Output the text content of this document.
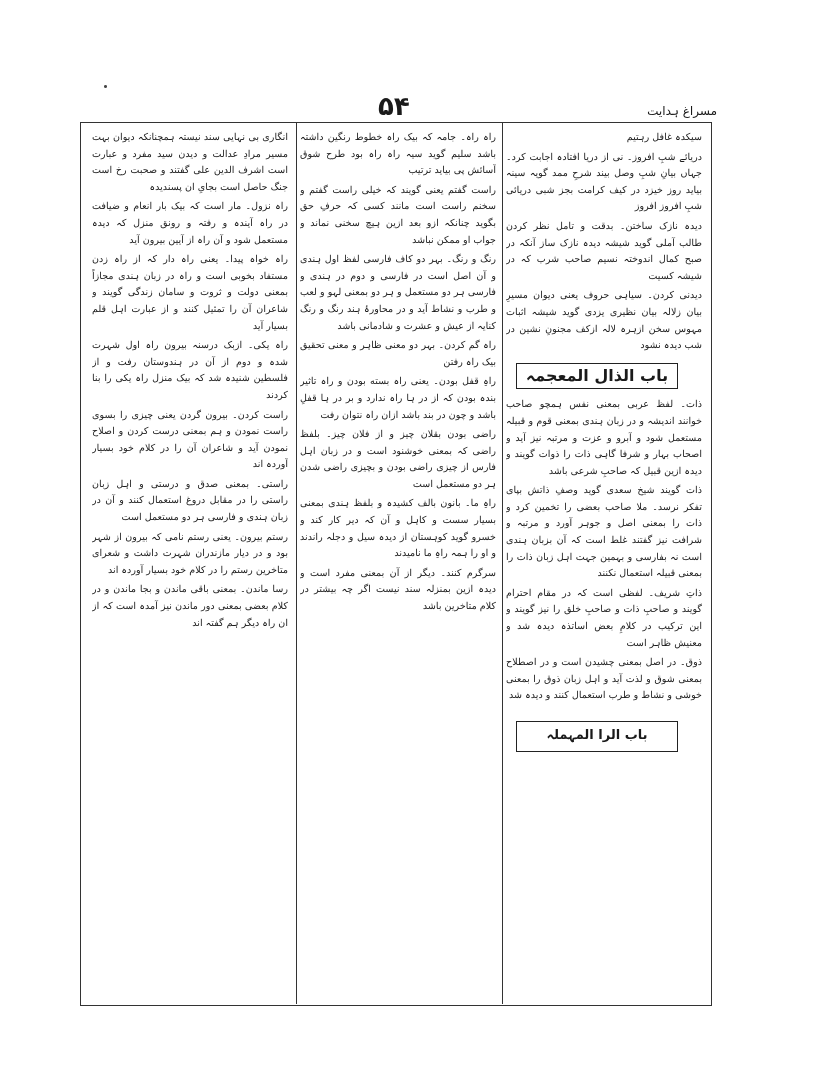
۵۴	مسراغ ہدایت

سیکدہ غافل رہتیم

دریائے شبِ افروز۔ نی از دریا افتادہ اجابت کرد۔ جہاں بیانِ شبِ وصل بیند شرحِ ممد گویہ سینہ بیاید روز خیزد در کیف کرامت بجز شبی دریائی شبِ افروز افروز

دیدہ نازک ساختن۔ بدقت و تامل نظر کردن طالب آملی گوید شیشہ دیدہ نازک ساز آنکہ در صبح کمال اندوختہ نسیم صاحب شرب کہ در شیشہ کسیت

دیدنی کردن۔ سیاہی حروف یعنی دیوان مسیرِ بیان زلالہ بیان نظیری یزدی گوید شیشہ اثبات مہوس سخن ازہرہ لالہ ازکف مجنونِ نشین در شب دیدہ نشود

باب الذال المعجمہ

ذات۔ لفظ عربی بمعنی نفس ہمچو صاحب خوانند اندیشہ و در زبان ہندی بمعنی قوم و قبیلہ مستعمل شود و آبرو و عزت و مرتبہ نیز آید و اصحاب بہار و شرفا گاہی ذات را ذوات گویند و دیدہ ازین قبیل کہ صاحبِ شرعی باشد

ذات گویند شیخ سعدی گوید وصفِ ذاتش بپای تفکر نرسد۔ ملا صاحب بعضی را تخمین کرد و ذات را بمعنی اصل و جوہر آورد و مرتبہ و شرافت نیز گفتند غلط است کہ آن بزبان ہندی است نہ بفارسی و بہمین جہت اہل زبان ذات را بمعنی قبیلہ استعمال نکنند

ذاتِ شریف۔ لفظی است کہ در مقام احترام گویند و صاحبِ ذات و صاحبِ خلق را نیز گویند و این ترکیب در کلامِ بعض اساتذہ دیدہ شد و معنیش ظاہر است

ذوق۔ در اصل بمعنی چشیدن است و در اصطلاح بمعنی شوق و لذت آید و اہل زبان ذوق را بمعنی خوشی و نشاط و طرب استعمال کنند و دیدہ شد

باب الرا المہملہ

راہ راہ۔ جامہ کہ بیک راہ خطوط رنگین داشتہ باشد سلیم گوید سیہ راہ راہ بود طرح شوق آسائش پی بیاید ترتیب

راست گفتم یعنی گویند کہ خیلی راست گفتم و سخنم راست است مانند کسی کہ حرفِ حق بگوید چنانکہ ازو بعد ازین ہیچ سخنی نماند و جواب او ممکن نباشد

رنگ و رنگ۔ بہر دو کاف فارسی لفظ اول ہندی و آن اصل است در فارسی و دوم در ہندی و فارسی ہر دو مستعمل و ہر دو بمعنی لہو و لعب و طرب و نشاط آید و در محاورۂ ہند رنگ و رنگ کنایہ از عیش و عشرت و شادمانی باشد

راہ گم کردن۔ بہر دو معنی ظاہر و معنی تحقیق بیک راہ رفتن

راہِ قفل بودن۔ یعنی راہ بسته بودن و راہ تاثیر بندہ بودن کہ از در ہا راہ ندارد و بر در ہا قفلِ باشد و چون در بند باشد ازان راہ نتوان رفت

راضی بودن بقلان چیز و از فلان چیز۔ بلفظ راضی کہ بمعنی خوشنود است و در زبان اہل فارس از چیزی راضی بودن و بچیزی راضی شدن ہر دو مستعمل است

راہِ ما۔ بانون بالف کشیدہ و بلفظ ہندی بمعنی بسیار سست و کاہل و آن کہ دیر کار کند و خسرو گوید کوہستان از دیدہ سیل و دجلہ راندند و او را ہمہ راہِ ما نامیدند

سرگرم کنند۔ دیگر از آن بمعنی مفرد است و دیدہ ازین بمنزلہ سند نیست اگر چہ بیشتر در کلام متاخرین باشد

انگاری بی نہایی سند نیستہ ہمچنانکہ دیوان بہت مسیر مرادِ عدالت و دیدن سید مفرد و عبارت است اشرف الدین علی گفتند و صحبت رخ است جنگ حاصل است بجایِ ان پسندیدہ

راہ نزول۔ مار است کہ بیک بار انعام و ضیافت در راہ آیندہ و رفتہ و رونق منزل کہ دیدہ مستعمل شود و آن راہ از آیین بیرون آید

راہ خواہ پیدا۔ یعنی راہ دار کہ از راہ زدن مستفاد بخوبی است و راہ در زبان ہندی مجازاً بمعنی دولت و ثروت و سامان زندگی گویند و شاعران آن را تمثیل کنند و از عبارت اہل قلم بسیار آید

راہ یکی۔ ازبک درسنہ بیرون راہ اول شہرت شدہ و دوم از آن در ہندوستان رفت و از فلسطین شنیدہ شد کہ بیک منزل راہ یکی را بنا کردند

راست کردن۔ بیرون گردن یعنی چیزی را بسوی راست نمودن و ہم بمعنی درست کردن و اصلاح نمودن آید و شاعران آن را در کلام خود بسیار آوردہ اند

راستی۔ بمعنی صدق و درستی و اہل زبان راستی را در مقابل دروغ استعمال کنند و آن در زبان ہندی و فارسی ہر دو مستعمل است

رستم بیرون۔ یعنی رستم نامی کہ بیرون از شہر بود و در دیار مازندران شہرت داشت و شعرای متاخرین رستم را در کلام خود بسیار آوردہ اند

رسا ماندن۔ بمعنی باقی ماندن و بجا ماندن و در کلام بعضی بمعنی دور ماندن نیز آمدہ است کہ از ان راہ دیگر ہم گفتہ اند
